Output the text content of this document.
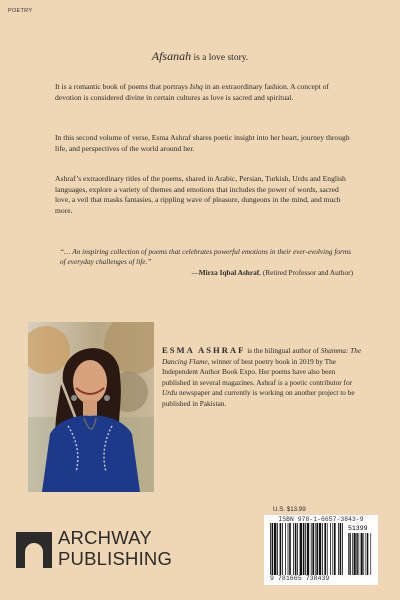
POETRY
Afsanah is a love story.

It is a romantic book of poems that portrays Ishq in an extraordinary fashion. A concept of devotion is considered divine in certain cultures as love is sacred and spiritual.

In this second volume of verse, Esma Ashraf shares poetic insight into her heart, journey through life, and perspectives of the world around her.

Ashraf’s extraordinary titles of the poems, shared in Arabic, Persian, Turkish, Urdu and English languages, explore a variety of themes and emotions that includes the power of words, sacred love, a veil that masks fantasies, a rippling wave of pleasure, dungeons in the mind, and much more.

“… An inspiring collection of poems that celebrates powerful emotions in their ever-evolving forms of everyday challenges of life.”

—Mirza Iqbal Ashraf, (Retired Professor and Author)

ESMA ASHRAF is the bilingual author of Shamma: The Dancing Flame, winner of best poetry book in 2019 by The Independent Author Book Expo. Her poems have also been published in several magazines. Ashraf is a poetic contributor for Urdu newspaper and currently is working on another project to be published in Pakistan.

ARCHWAY
PUBLISHING
U.S. $13.99
ISBN 978-1-6657-3843-9
51399
9 781665 738439
